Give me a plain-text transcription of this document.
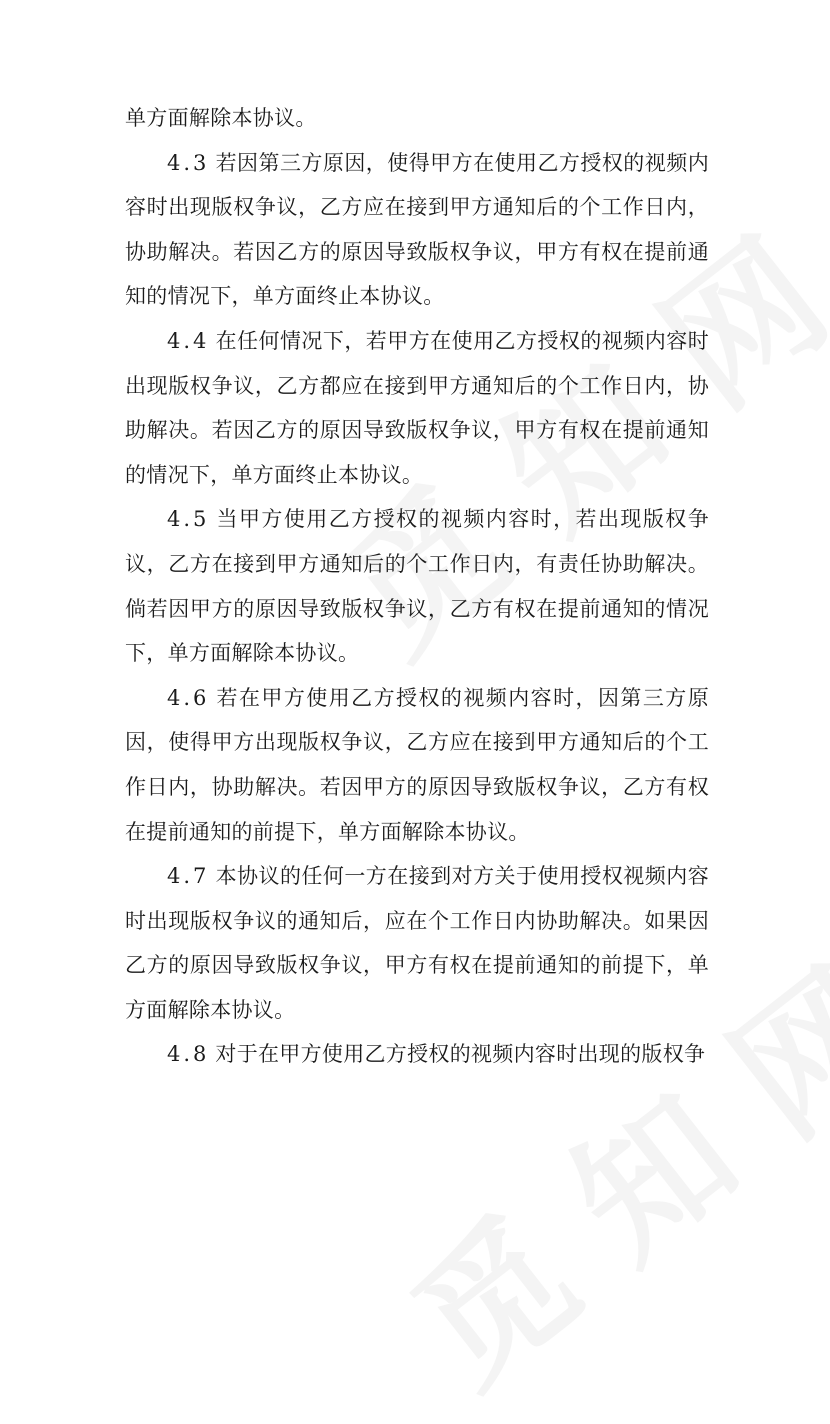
单方面解除本协议。

4.3 若因第三方原因，使得甲方在使用乙方授权的视频内容时出现版权争议，乙方应在接到甲方通知后的个工作日内，协助解决。若因乙方的原因导致版权争议，甲方有权在提前通知的情况下，单方面终止本协议。

4.4 在任何情况下，若甲方在使用乙方授权的视频内容时出现版权争议，乙方都应在接到甲方通知后的个工作日内，协助解决。若因乙方的原因导致版权争议，甲方有权在提前通知的情况下，单方面终止本协议。

4.5 当甲方使用乙方授权的视频内容时，若出现版权争议，乙方在接到甲方通知后的个工作日内，有责任协助解决。倘若因甲方的原因导致版权争议，乙方有权在提前通知的情况下，单方面解除本协议。

4.6 若在甲方使用乙方授权的视频内容时，因第三方原因，使得甲方出现版权争议，乙方应在接到甲方通知后的个工作日内，协助解决。若因甲方的原因导致版权争议，乙方有权在提前通知的前提下，单方面解除本协议。

4.7 本协议的任何一方在接到对方关于使用授权视频内容时出现版权争议的通知后，应在个工作日内协助解决。如果因乙方的原因导致版权争议，甲方有权在提前通知的前提下，单方面解除本协议。

4.8 对于在甲方使用乙方授权的视频内容时出现的版权争
